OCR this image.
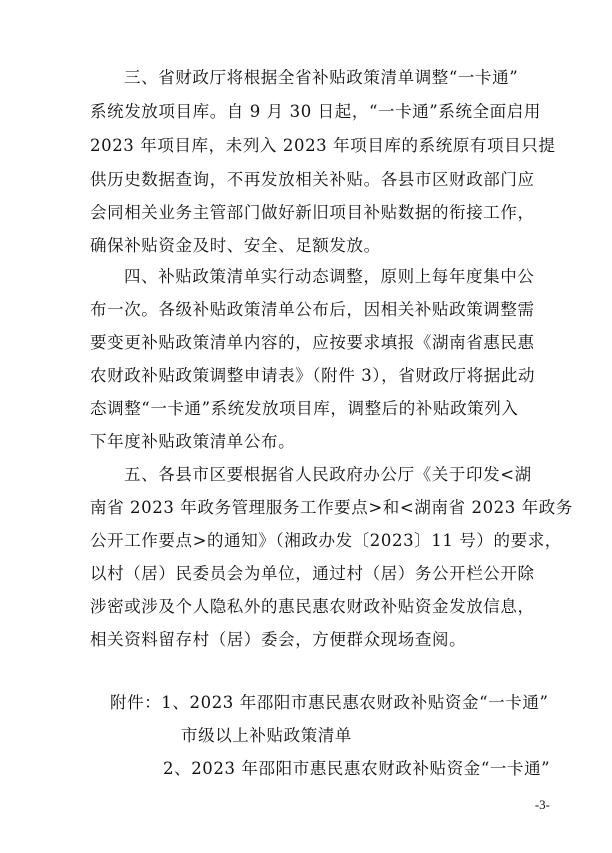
三、省财政厅将根据全省补贴政策清单调整“一卡通”
系统发放项目库。自 9 月 30 日起，“一卡通”系统全面启用
2023 年项目库，未列入 2023 年项目库的系统原有项目只提
供历史数据查询，不再发放相关补贴。各县市区财政部门应
会同相关业务主管部门做好新旧项目补贴数据的衔接工作，
确保补贴资金及时、安全、足额发放。
四、补贴政策清单实行动态调整，原则上每年度集中公
布一次。各级补贴政策清单公布后，因相关补贴政策调整需
要变更补贴政策清单内容的，应按要求填报《湖南省惠民惠
农财政补贴政策调整申请表》（附件 3），省财政厅将据此动
态调整“一卡通”系统发放项目库，调整后的补贴政策列入
下年度补贴政策清单公布。
五、各县市区要根据省人民政府办公厅《关于印发<湖
南省 2023 年政务管理服务工作要点>和<湖南省 2023 年政务
公开工作要点>的通知》（湘政办发〔2023〕11 号）的要求，
以村（居）民委员会为单位，通过村（居）务公开栏公开除
涉密或涉及个人隐私外的惠民惠农财政补贴资金发放信息，
相关资料留存村（居）委会，方便群众现场查阅。
附件：1、2023 年邵阳市惠民惠农财政补贴资金“一卡通”
市级以上补贴政策清单
2、2023 年邵阳市惠民惠农财政补贴资金“一卡通”
-3-
